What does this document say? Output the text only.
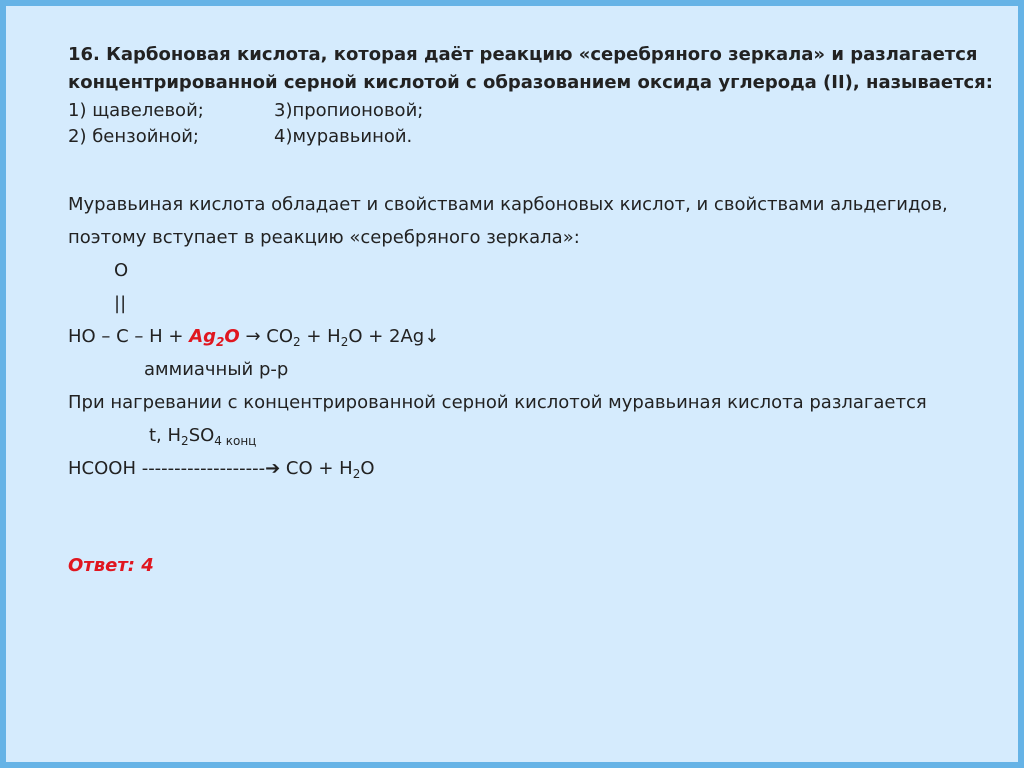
16. Карбоновая кислота, которая даёт реакцию «серебряного зеркала» и разлагается
концентрированной серной кислотой с образованием оксида углерода (II), называется:
1) щавелевой;	3)пропионовой;
2) бензойной;	4)муравьиной.
Муравьиная кислота обладает и свойствами карбоновых кислот, и свойствами альдегидов,
поэтому вступает в реакцию «серебряного зеркала»:
O
||
HO – $C - H + Ag_2O \to CO_2 + H_2O$ + 2Ag↓
аммиачный р-р
При нагревании с концентрированной серной кислотой муравьиная кислота разлагается
t, $H_2SO_{4 конц}$
HCOOH -------------------➔ CO + $H_2O$
Ответ: 4
